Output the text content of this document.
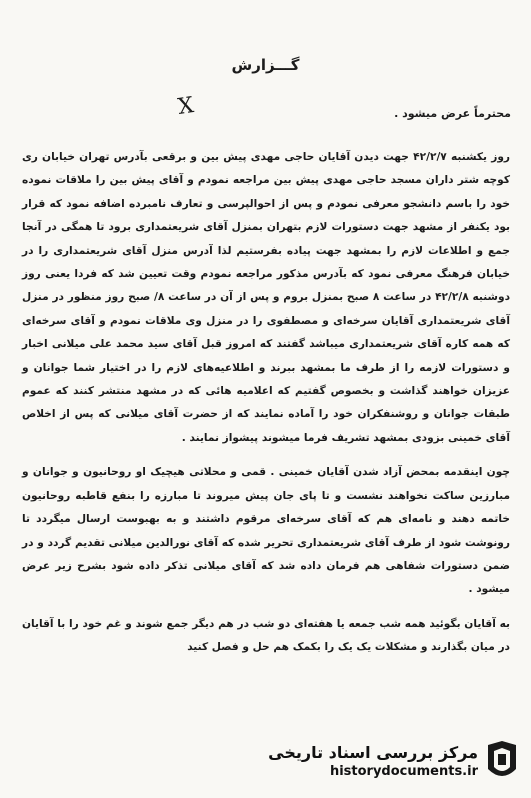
گـــزارش
X	محترماً عرض میشود .

روز یکشنبه ۴۲/۲/۷ جهت دیدن آقایان حاجی مهدی پیش بین و برقعی بآدرس تهران خیابان ری کوچه شتر داران مسجد حاجی مهدی پیش بین مراجعه نمودم و آقای پیش بین را ملاقات نموده خود را باسم دانشجو معرفی نمودم و پس از احوالپرسی و تعارف نامبرده اضافه نمود که قرار بود یکنفر از مشهد جهت دستورات لازم بتهران بمنزل آقای شریعتمداری برود تا همگی در آنجا جمع و اطلاعات لازم را بمشهد جهت پیاده بفرستیم لذا آدرس منزل آقای شریعتمداری را در خیابان فرهنگ معرفی نمود که بآدرس مذکور مراجعه نمودم وقت تعیین شد که فردا یعنی روز دوشنبه ۴۲/۲/۸ در ساعت ۸ صبح بمنزل بروم و پس از آن در ساعت ۸/ صبح روز منظور در منزل آقای شریعتمداری آقایان سرخه‌ای و مصطفوی را در منزل وی ملاقات نمودم و آقای سرخه‌ای که همه کاره آقای شریعتمداری میباشد گفتند که امروز قبل آقای سید محمد علی میلانی اخبار و دستورات لازمه را از طرف ما بمشهد ببرند و اطلاعیه‌های لازم را در اختیار شما جوانان و عزیزان خواهند گذاشت و بخصوص گفتیم که اعلامیه هائی که در مشهد منتشر کنند که عموم طبقات جوانان و روشنفکران خود را آماده نمایند که از حضرت آقای میلانی که پس از اخلاص آقای خمینی بزودی بمشهد تشریف فرما میشوند پیشواز نمایند .

چون اینقدمه بمحض آزاد شدن آقایان خمینی . قمی و محلاتی هیچیک او روحانیون و جوانان و مبارزین ساکت نخواهند نشست و تا پای جان پیش میروند تا مبارزه را بنفع قاطبه روحانیون خاتمه دهند و نامه‌ای هم که آقای سرخه‌ای مرقوم داشتند و به بهبوست ارسال میگردد تا رونوشت شود از طرف آقای شریعتمداری تحریر شده که آقای نورالدین میلانی تقدیم گردد و در ضمن دستورات شفاهی هم فرمان داده شد که آقای میلانی تذکر داده شود بشرح زیر عرض میشود .

به آقایان بگوئید همه شب جمعه یا هفته‌ای دو شب در هم دیگر جمع شوند و غم خود را با آقایان در میان بگذارند و مشکلات یک یک را بکمک هم حل و فصل کنید

مرکز بررسی اسناد تاریخی
historydocuments.ir
